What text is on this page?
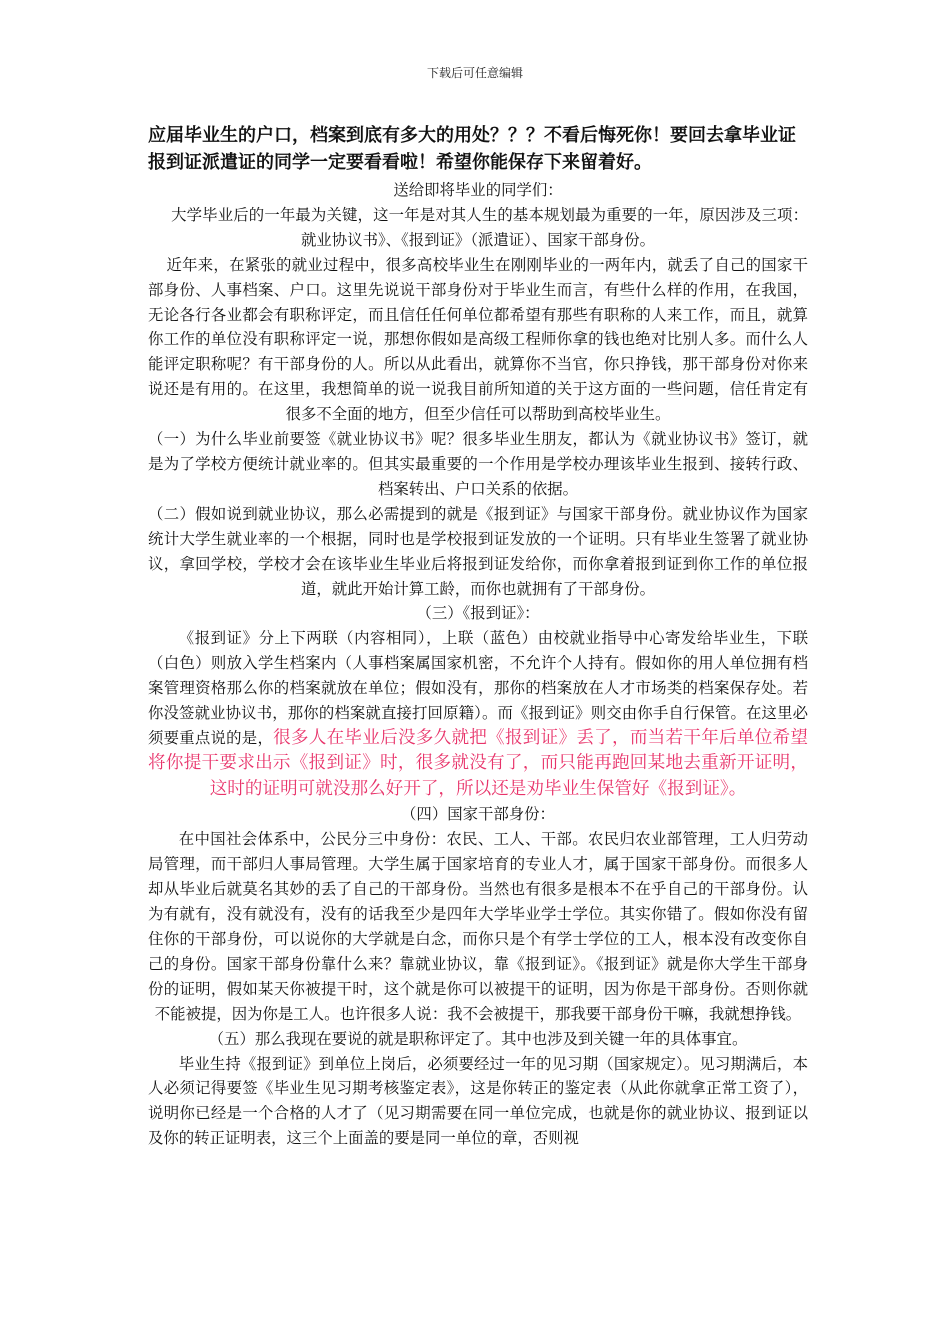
下载后可任意编辑
应届毕业生的户口，档案到底有多大的用处？？？不看后悔死你！要回去拿毕业证报到证派遣证的同学一定要看看啦！希望你能保存下来留着好。

送给即将毕业的同学们：

大学毕业后的一年最为关键，这一年是对其人生的基本规划最为重要的一年，原因涉及三项：就业协议书》、《报到证》（派遣证）、国家干部身份。

近年来，在紧张的就业过程中，很多高校毕业生在刚刚毕业的一两年内，就丢了自己的国家干部身份、人事档案、户口。这里先说说干部身份对于毕业生而言，有些什么样的作用，在我国，无论各行各业都会有职称评定，而且信任任何单位都希望有那些有职称的人来工作，而且，就算你工作的单位没有职称评定一说，那想你假如是高级工程师你拿的钱也绝对比别人多。而什么人能评定职称呢？有干部身份的人。所以从此看出，就算你不当官，你只挣钱，那干部身份对你来说还是有用的。在这里，我想简单的说一说我目前所知道的关于这方面的一些问题，信任肯定有很多不全面的地方，但至少信任可以帮助到高校毕业生。

（一）为什么毕业前要签《就业协议书》呢？很多毕业生朋友，都认为《就业协议书》签订，就是为了学校方便统计就业率的。但其实最重要的一个作用是学校办理该毕业生报到、接转行政、档案转出、户口关系的依据。

（二）假如说到就业协议，那么必需提到的就是《报到证》与国家干部身份。就业协议作为国家统计大学生就业率的一个根据，同时也是学校报到证发放的一个证明。只有毕业生签署了就业协议，拿回学校，学校才会在该毕业生毕业后将报到证发给你，而你拿着报到证到你工作的单位报道，就此开始计算工龄，而你也就拥有了干部身份。

（三）《报到证》：

《报到证》分上下两联（内容相同），上联（蓝色）由校就业指导中心寄发给毕业生，下联（白色）则放入学生档案内（人事档案属国家机密，不允许个人持有。假如你的用人单位拥有档案管理资格那么你的档案就放在单位；假如没有，那你的档案放在人才市场类的档案保存处。若你没签就业协议书，那你的档案就直接打回原籍）。而《报到证》则交由你手自行保管。在这里必须要重点说的是，很多人在毕业后没多久就把《报到证》丢了，而当若干年后单位希望将你提干要求出示《报到证》时，很多就没有了，而只能再跑回某地去重新开证明，这时的证明可就没那么好开了，所以还是劝毕业生保管好《报到证》。

（四）国家干部身份：

在中国社会体系中，公民分三中身份：农民、工人、干部。农民归农业部管理，工人归劳动局管理，而干部归人事局管理。大学生属于国家培育的专业人才，属于国家干部身份。而很多人却从毕业后就莫名其妙的丢了自己的干部身份。当然也有很多是根本不在乎自己的干部身份。认为有就有，没有就没有，没有的话我至少是四年大学毕业学士学位。其实你错了。假如你没有留住你的干部身份，可以说你的大学就是白念，而你只是个有学士学位的工人，根本没有改变你自己的身份。国家干部身份靠什么来？靠就业协议，靠《报到证》。《报到证》就是你大学生干部身份的证明，假如某天你被提干时，这个就是你可以被提干的证明，因为你是干部身份。否则你就不能被提，因为你是工人。也许很多人说：我不会被提干，那我要干部身份干嘛，我就想挣钱。

（五）那么我现在要说的就是职称评定了。其中也涉及到关键一年的具体事宜。

毕业生持《报到证》到单位上岗后，必须要经过一年的见习期（国家规定）。见习期满后，本人必须记得要签《毕业生见习期考核鉴定表》，这是你转正的鉴定表（从此你就拿正常工资了），说明你已经是一个合格的人才了（见习期需要在同一单位完成，也就是你的就业协议、报到证以及你的转正证明表，这三个上面盖的要是同一单位的章，否则视
